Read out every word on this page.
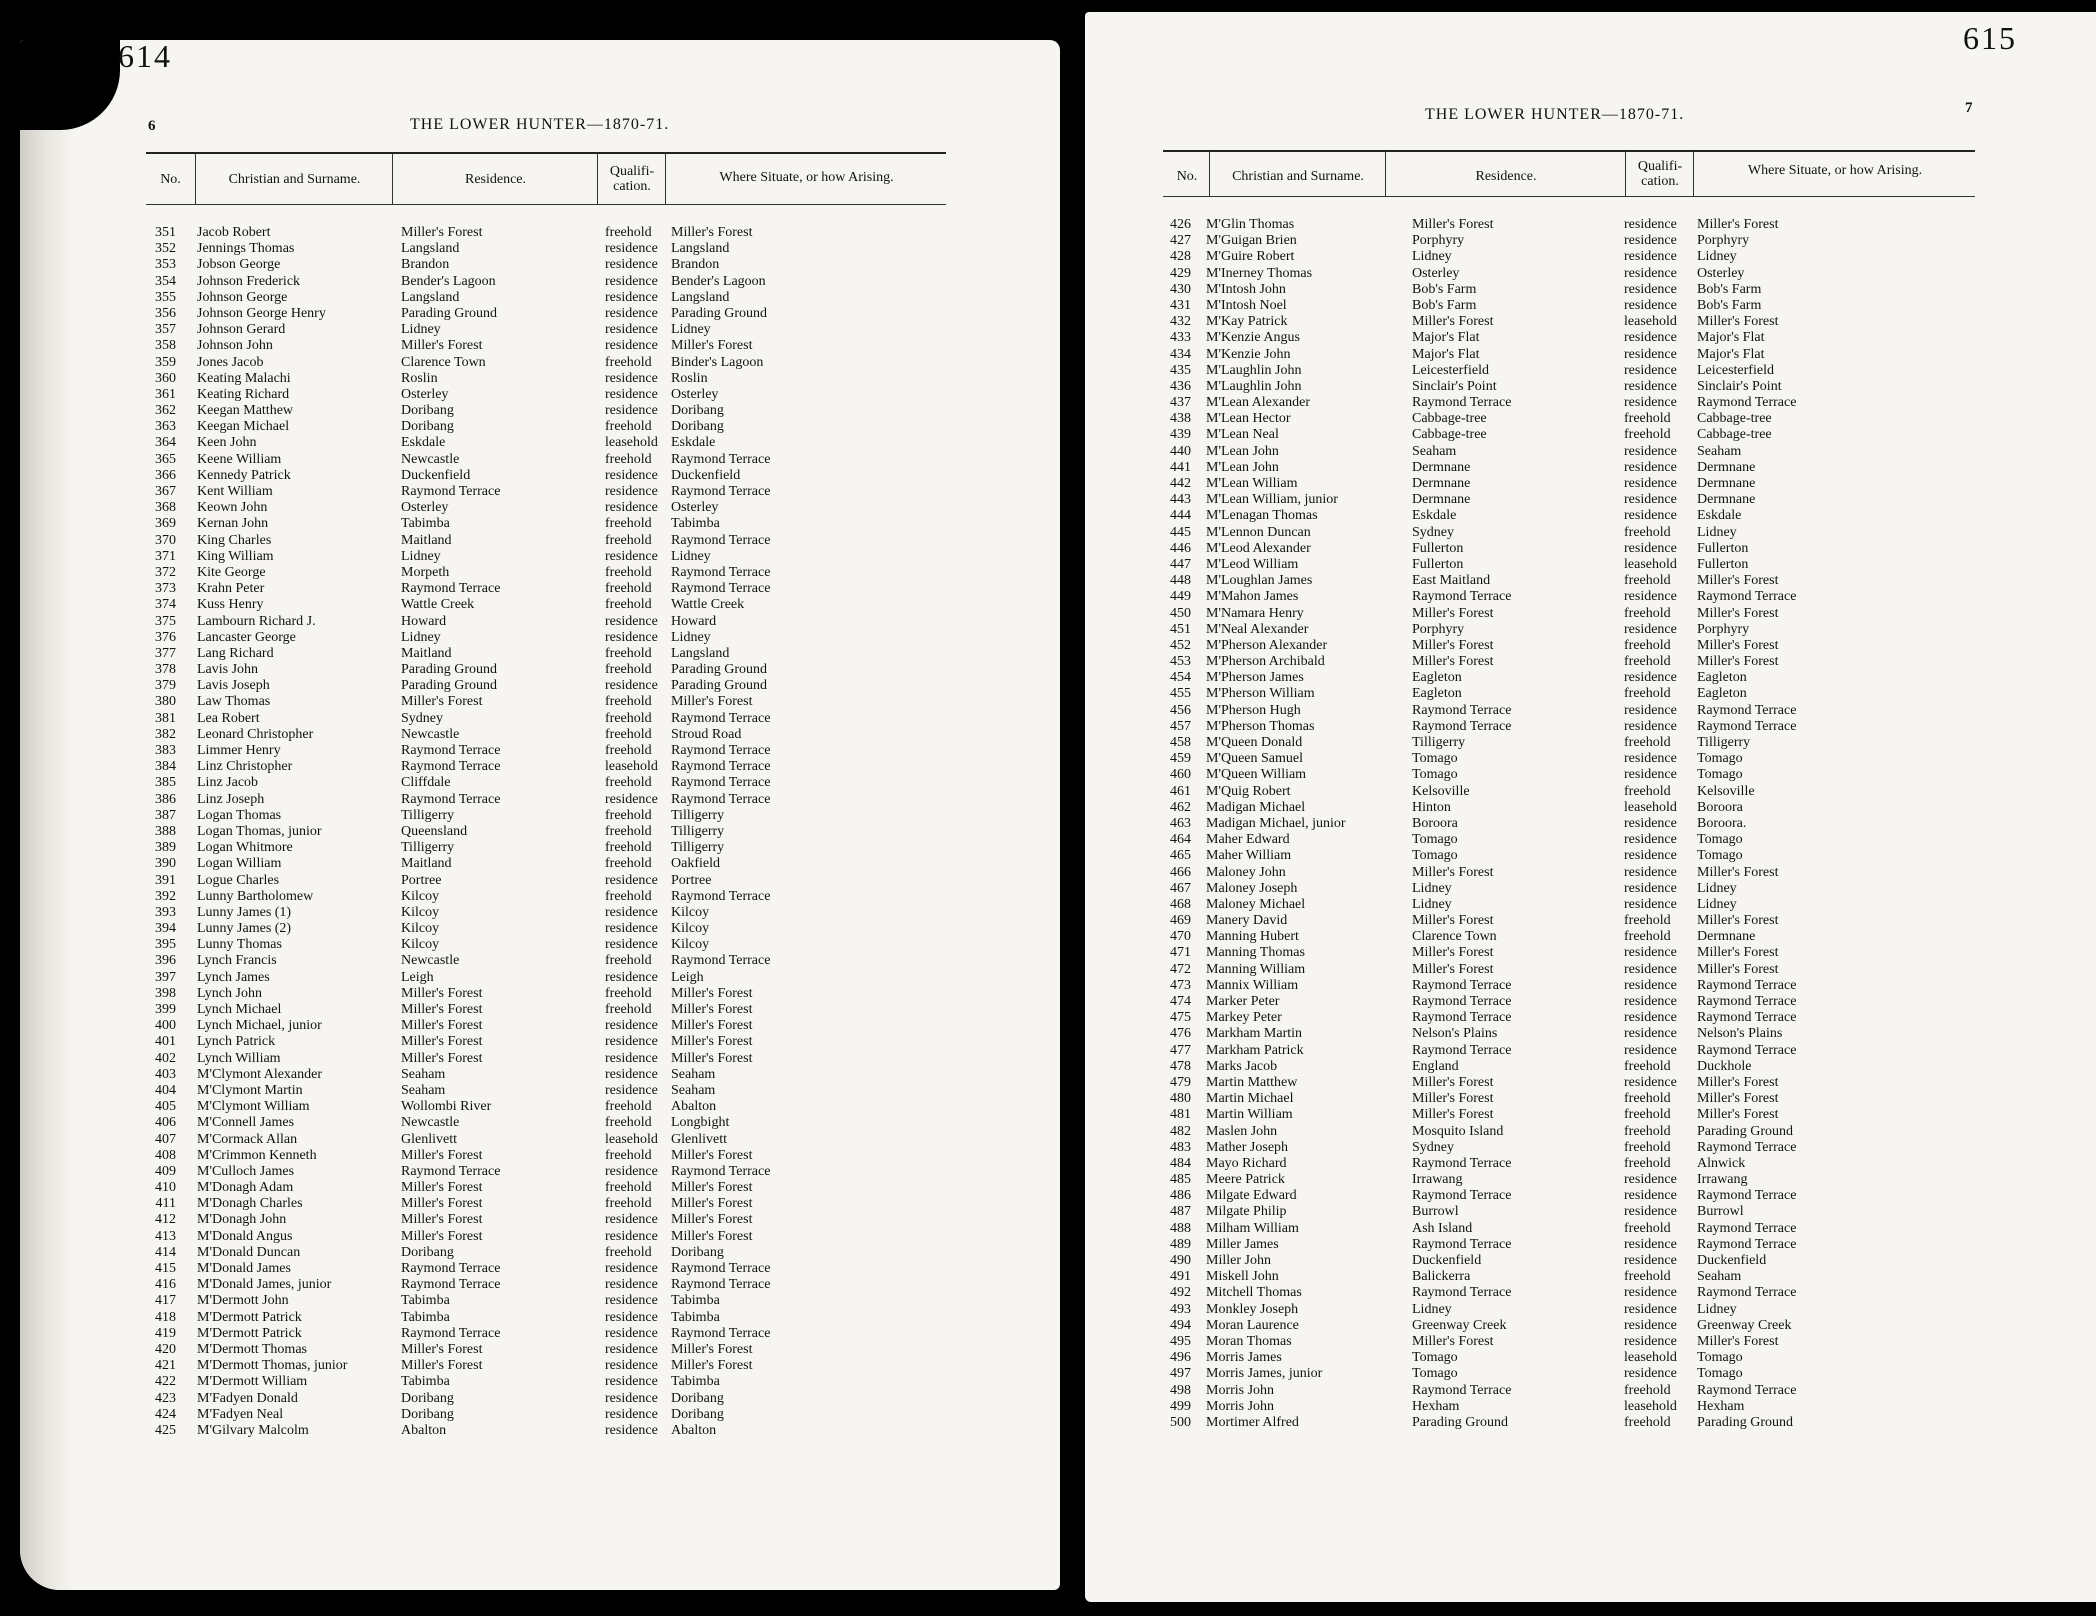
614
6	THE LOWER HUNTER—1870-71.
No.	Christian and Surname.	Residence.
Qualifi-
cation.
Where Situate, or how Arising.
351 Jacob Robert	Miller's Forest	freehold Miller's Forest
352 Jennings Thomas	Langsland	residence Langsland
353 Jobson George	Brandon	residence Brandon
354 Johnson Frederick	Bender's Lagoon	residence Bender's Lagoon
355 Johnson George	Langsland	residence Langsland
356 Johnson George Henry	Parading Ground	residence Parading Ground
357 Johnson Gerard	Lidney	residence Lidney
358 Johnson John	Miller's Forest	residence Miller's Forest
359 Jones Jacob	Clarence Town	freehold Binder's Lagoon
360 Keating Malachi	Roslin	residence Roslin
361 Keating Richard	Osterley	residence Osterley
362 Keegan Matthew	Doribang	residence Doribang
363 Keegan Michael	Doribang	freehold Doribang
364 Keen John	Eskdale	leasehold Eskdale
365 Keene William	Newcastle	freehold Raymond Terrace
366 Kennedy Patrick	Duckenfield	residence Duckenfield
367 Kent William	Raymond Terrace	residence Raymond Terrace
368 Keown John	Osterley	residence Osterley
369 Kernan John	Tabimba	freehold Tabimba
370 King Charles	Maitland	freehold Raymond Terrace
371 King William	Lidney	residence Lidney
372 Kite George	Morpeth	freehold Raymond Terrace
373 Krahn Peter	Raymond Terrace	freehold Raymond Terrace
374 Kuss Henry	Wattle Creek	freehold Wattle Creek
375 Lambourn Richard J.	Howard	residence Howard
376 Lancaster George	Lidney	residence Lidney
377 Lang Richard	Maitland	freehold Langsland
378 Lavis John	Parading Ground	freehold Parading Ground
379 Lavis Joseph	Parading Ground	residence Parading Ground
380 Law Thomas	Miller's Forest	freehold Miller's Forest
381 Lea Robert	Sydney	freehold Raymond Terrace
382 Leonard Christopher	Newcastle	freehold Stroud Road
383 Limmer Henry	Raymond Terrace	freehold Raymond Terrace
384 Linz Christopher	Raymond Terrace	leasehold Raymond Terrace
385 Linz Jacob	Cliffdale	freehold Raymond Terrace
386 Linz Joseph	Raymond Terrace	residence Raymond Terrace
387 Logan Thomas	Tilligerry	freehold Tilligerry
388 Logan Thomas, junior	Queensland	freehold Tilligerry
389 Logan Whitmore	Tilligerry	freehold Tilligerry
390 Logan William	Maitland	freehold Oakfield
391 Logue Charles	Portree	residence Portree
392 Lunny Bartholomew	Kilcoy	freehold Raymond Terrace
393 Lunny James (1)	Kilcoy	residence Kilcoy
394 Lunny James (2)	Kilcoy	residence Kilcoy
395 Lunny Thomas	Kilcoy	residence Kilcoy
396 Lynch Francis	Newcastle	freehold Raymond Terrace
397 Lynch James	Leigh	residence Leigh
398 Lynch John	Miller's Forest	freehold Miller's Forest
399 Lynch Michael	Miller's Forest	freehold Miller's Forest
400 Lynch Michael, junior	Miller's Forest	residence Miller's Forest
401 Lynch Patrick	Miller's Forest	residence Miller's Forest
402 Lynch William	Miller's Forest	residence Miller's Forest
403 M'Clymont Alexander	Seaham	residence Seaham
404 M'Clymont Martin	Seaham	residence Seaham
405 M'Clymont William	Wollombi River	freehold Abalton
406 M'Connell James	Newcastle	freehold Longbight
407 M'Cormack Allan	Glenlivett	leasehold Glenlivett
408 M'Crimmon Kenneth	Miller's Forest	freehold Miller's Forest
409 M'Culloch James	Raymond Terrace	residence Raymond Terrace
410 M'Donagh Adam	Miller's Forest	freehold Miller's Forest
411 M'Donagh Charles	Miller's Forest	freehold Miller's Forest
412 M'Donagh John	Miller's Forest	residence Miller's Forest
413 M'Donald Angus	Miller's Forest	residence Miller's Forest
414 M'Donald Duncan	Doribang	freehold Doribang
415 M'Donald James	Raymond Terrace	residence Raymond Terrace
416 M'Donald James, junior	Raymond Terrace	residence Raymond Terrace
417 M'Dermott John	Tabimba	residence Tabimba
418 M'Dermott Patrick	Tabimba	residence Tabimba
419 M'Dermott Patrick	Raymond Terrace	residence Raymond Terrace
420 M'Dermott Thomas	Miller's Forest	residence Miller's Forest
421 M'Dermott Thomas, junior	Miller's Forest	residence Miller's Forest
422 M'Dermott William	Tabimba	residence Tabimba
423 M'Fadyen Donald	Doribang	residence Doribang
424 M'Fadyen Neal	Doribang	residence Doribang
425 M'Gilvary Malcolm	Abalton	residence Abalton
615
7
THE LOWER HUNTER—1870-71.
No.	Christian and Surname.	Residence.
Qualifi-
cation.
Where Situate, or how Arising.
426 M'Glin Thomas	Miller's Forest	residence Miller's Forest
427 M'Guigan Brien	Porphyry	residence Porphyry
428 M'Guire Robert	Lidney	residence Lidney
429 M'Inerney Thomas	Osterley	residence Osterley
430 M'Intosh John	Bob's Farm	residence Bob's Farm
431 M'Intosh Noel	Bob's Farm	residence Bob's Farm
432 M'Kay Patrick	Miller's Forest	leasehold Miller's Forest
433 M'Kenzie Angus	Major's Flat	residence Major's Flat
434 M'Kenzie John	Major's Flat	residence Major's Flat
435 M'Laughlin John	Leicesterfield	residence Leicesterfield
436 M'Laughlin John	Sinclair's Point	residence Sinclair's Point
437 M'Lean Alexander	Raymond Terrace	residence Raymond Terrace
438 M'Lean Hector	Cabbage-tree	freehold Cabbage-tree
439 M'Lean Neal	Cabbage-tree	freehold Cabbage-tree
440 M'Lean John	Seaham	residence Seaham
441 M'Lean John	Dermnane	residence Dermnane
442 M'Lean William	Dermnane	residence Dermnane
443 M'Lean William, junior	Dermnane	residence Dermnane
444 M'Lenagan Thomas	Eskdale	residence Eskdale
445 M'Lennon Duncan	Sydney	freehold Lidney
446 M'Leod Alexander	Fullerton	residence Fullerton
447 M'Leod William	Fullerton	leasehold Fullerton
448 M'Loughlan James	East Maitland	freehold Miller's Forest
449 M'Mahon James	Raymond Terrace	residence Raymond Terrace
450 M'Namara Henry	Miller's Forest	freehold Miller's Forest
451 M'Neal Alexander	Porphyry	residence Porphyry
452 M'Pherson Alexander	Miller's Forest	freehold Miller's Forest
453 M'Pherson Archibald	Miller's Forest	freehold Miller's Forest
454 M'Pherson James	Eagleton	residence Eagleton
455 M'Pherson William	Eagleton	freehold Eagleton
456 M'Pherson Hugh	Raymond Terrace	residence Raymond Terrace
457 M'Pherson Thomas	Raymond Terrace	residence Raymond Terrace
458 M'Queen Donald	Tilligerry	freehold Tilligerry
459 M'Queen Samuel	Tomago	residence Tomago
460 M'Queen William	Tomago	residence Tomago
461 M'Quig Robert	Kelsoville	freehold Kelsoville
462 Madigan Michael	Hinton	leasehold Boroora
463 Madigan Michael, junior	Boroora	residence Boroora.
464 Maher Edward	Tomago	residence Tomago
465 Maher William	Tomago	residence Tomago
466 Maloney John	Miller's Forest	residence Miller's Forest
467 Maloney Joseph	Lidney	residence Lidney
468 Maloney Michael	Lidney	residence Lidney
469 Manery David	Miller's Forest	freehold Miller's Forest
470 Manning Hubert	Clarence Town	freehold Dermnane
471 Manning Thomas	Miller's Forest	residence Miller's Forest
472 Manning William	Miller's Forest	residence Miller's Forest
473 Mannix William	Raymond Terrace	residence Raymond Terrace
474 Marker Peter	Raymond Terrace	residence Raymond Terrace
475 Markey Peter	Raymond Terrace	residence Raymond Terrace
476 Markham Martin	Nelson's Plains	residence Nelson's Plains
477 Markham Patrick	Raymond Terrace	residence Raymond Terrace
478 Marks Jacob	England	freehold Duckhole
479 Martin Matthew	Miller's Forest	residence Miller's Forest
480 Martin Michael	Miller's Forest	freehold Miller's Forest
481 Martin William	Miller's Forest	freehold Miller's Forest
482 Maslen John	Mosquito Island	freehold Parading Ground
483 Mather Joseph	Sydney	freehold Raymond Terrace
484 Mayo Richard	Raymond Terrace	freehold Alnwick
485 Meere Patrick	Irrawang	residence Irrawang
486 Milgate Edward	Raymond Terrace	residence Raymond Terrace
487 Milgate Philip	Burrowl	residence Burrowl
488 Milham William	Ash Island	freehold Raymond Terrace
489 Miller James	Raymond Terrace	residence Raymond Terrace
490 Miller John	Duckenfield	residence Duckenfield
491 Miskell John	Balickerra	freehold Seaham
492 Mitchell Thomas	Raymond Terrace	residence Raymond Terrace
493 Monkley Joseph	Lidney	residence Lidney
494 Moran Laurence	Greenway Creek	residence Greenway Creek
495 Moran Thomas	Miller's Forest	residence Miller's Forest
496 Morris James	Tomago	leasehold Tomago
497 Morris James, junior	Tomago	residence Tomago
498 Morris John	Raymond Terrace	freehold Raymond Terrace
499 Morris John	Hexham	leasehold Hexham
500 Mortimer Alfred	Parading Ground	freehold Parading Ground
